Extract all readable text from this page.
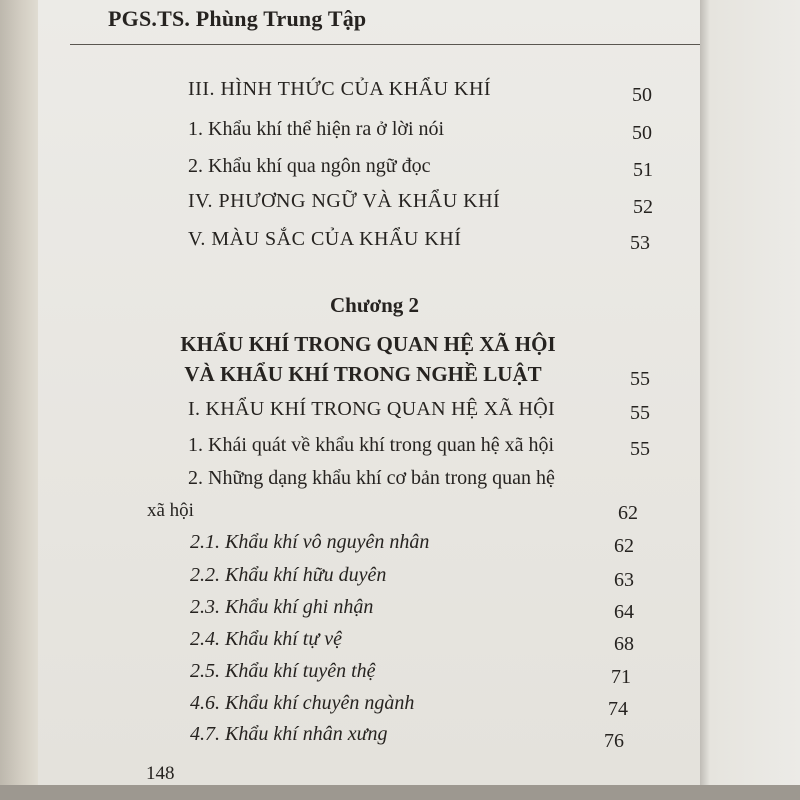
PGS.TS. Phùng Trung Tập
III. HÌNH THỨC CỦA KHẨU KHÍ	50
1. Khẩu khí thể hiện ra ở lời nói	50
2. Khẩu khí qua ngôn ngữ đọc	51
IV. PHƯƠNG NGỮ VÀ KHẨU KHÍ	52
V. MÀU SẮC CỦA KHẨU KHÍ	53
Chương 2
KHẨU KHÍ TRONG QUAN HỆ XÃ HỘI
VÀ KHẨU KHÍ TRONG NGHỀ LUẬT	55
I. KHẨU KHÍ TRONG QUAN HỆ XÃ HỘI	55
1. Khái quát về khẩu khí trong quan hệ xã hội	55
2. Những dạng khẩu khí cơ bản trong quan hệ
xã hội	62
2.1. Khẩu khí vô nguyên nhân	62
2.2. Khẩu khí hữu duyên	63
2.3. Khẩu khí ghi nhận	64
2.4. Khẩu khí tự vệ	68
2.5. Khẩu khí tuyên thệ	71
4.6. Khẩu khí chuyên ngành	74
4.7. Khẩu khí nhân xưng	76
148
